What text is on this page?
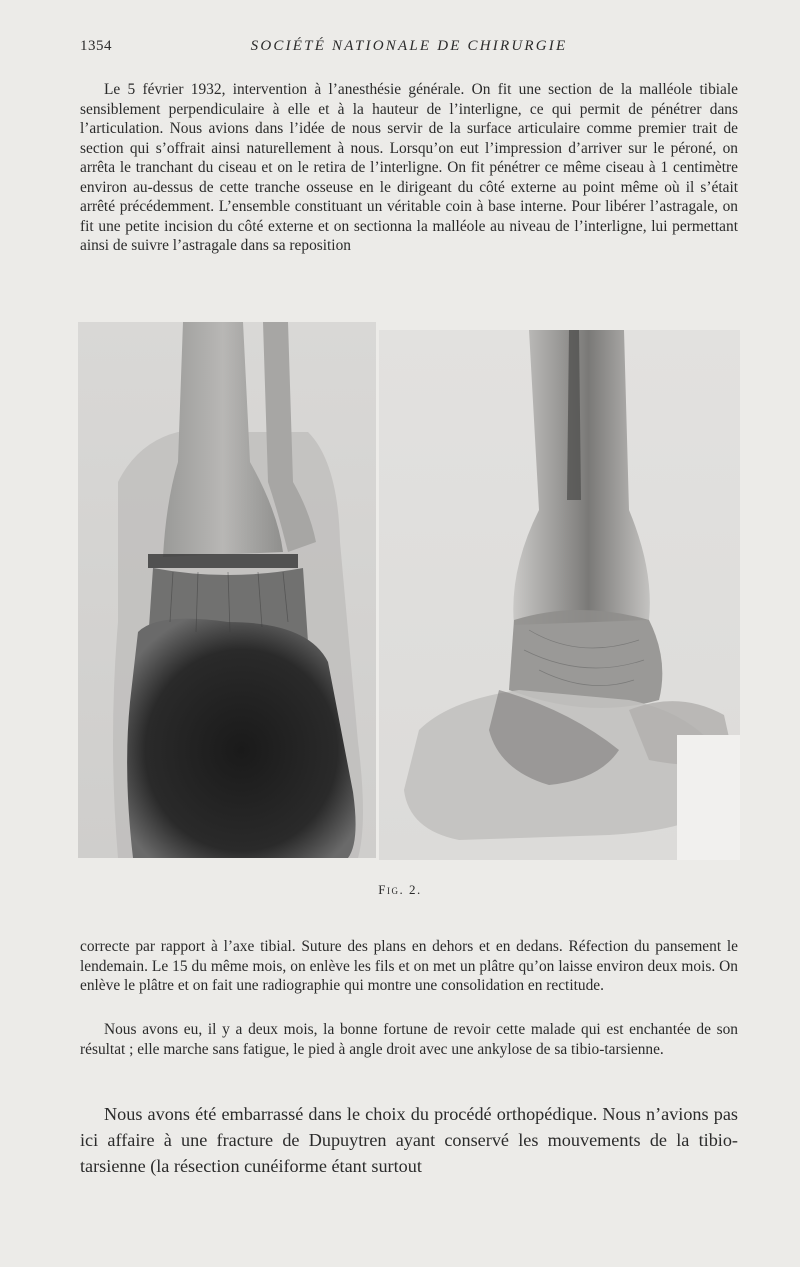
1354	SOCIÉTÉ NATIONALE DE CHIRURGIE

Le 5 février 1932, intervention à l’anesthésie générale. On fit une section de la malléole tibiale sensiblement perpendiculaire à elle et à la hauteur de l’interligne, ce qui permit de pénétrer dans l’articulation. Nous avions dans l’idée de nous servir de la surface articulaire comme premier trait de section qui s’offrait ainsi naturellement à nous. Lorsqu’on eut l’impression d’arriver sur le péroné, on arrêta le tranchant du ciseau et on le retira de l’interligne. On fit pénétrer ce même ciseau à 1 centimètre environ au-dessus de cette tranche osseuse en le dirigeant du côté externe au point même où il s’était arrêté précédemment. L’ensemble constituant un véritable coin à base interne. Pour libérer l’astragale, on fit une petite incision du côté externe et on sectionna la malléole au niveau de l’interligne, lui permettant ainsi de suivre l’astragale dans sa reposition

Fig. 2.

correcte par rapport à l’axe tibial. Suture des plans en dehors et en dedans. Réfection du pansement le lendemain. Le 15 du même mois, on enlève les fils et on met un plâtre qu’on laisse environ deux mois. On enlève le plâtre et on fait une radiographie qui montre une consolidation en rectitude.

Nous avons eu, il y a deux mois, la bonne fortune de revoir cette malade qui est enchantée de son résultat ; elle marche sans fatigue, le pied à angle droit avec une ankylose de sa tibio-tarsienne.

Nous avons été embarrassé dans le choix du procédé orthopédique. Nous n’avions pas ici affaire à une fracture de Dupuytren ayant conservé les mouvements de la tibio-tarsienne (la résection cunéiforme étant surtout
